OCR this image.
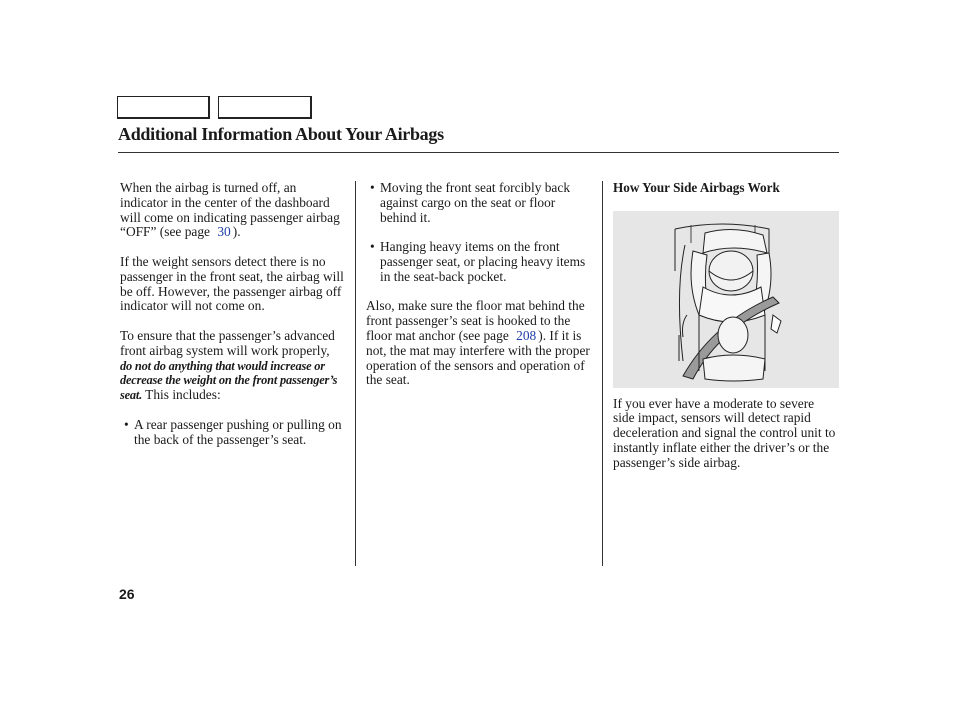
Additional Information About Your Airbags

When the airbag is turned off, an indicator in the center of the dashboard will come on indicating passenger airbag “OFF” (see page 30 ).

If the weight sensors detect there is no passenger in the front seat, the airbag will be off. However, the passenger airbag off indicator will not come on.

To ensure that the passenger’s advanced front airbag system will work properly, do not do anything that would increase or decrease the weight on the front passenger’s seat. This includes:

• A rear passenger pushing or pulling on the back of the passenger’s seat.
• Moving the front seat forcibly back against cargo on the seat or floor behind it.
• Hanging heavy items on the front passenger seat, or placing heavy items in the seat-back pocket.

Also, make sure the floor mat behind the front passenger’s seat is hooked to the floor mat anchor (see page 208 ). If it is not, the mat may interfere with the proper operation of the sensors and operation of the seat.

How Your Side Airbags Work

If you ever have a moderate to severe side impact, sensors will detect rapid deceleration and signal the control unit to instantly inflate either the driver’s or the passenger’s side airbag.

26
